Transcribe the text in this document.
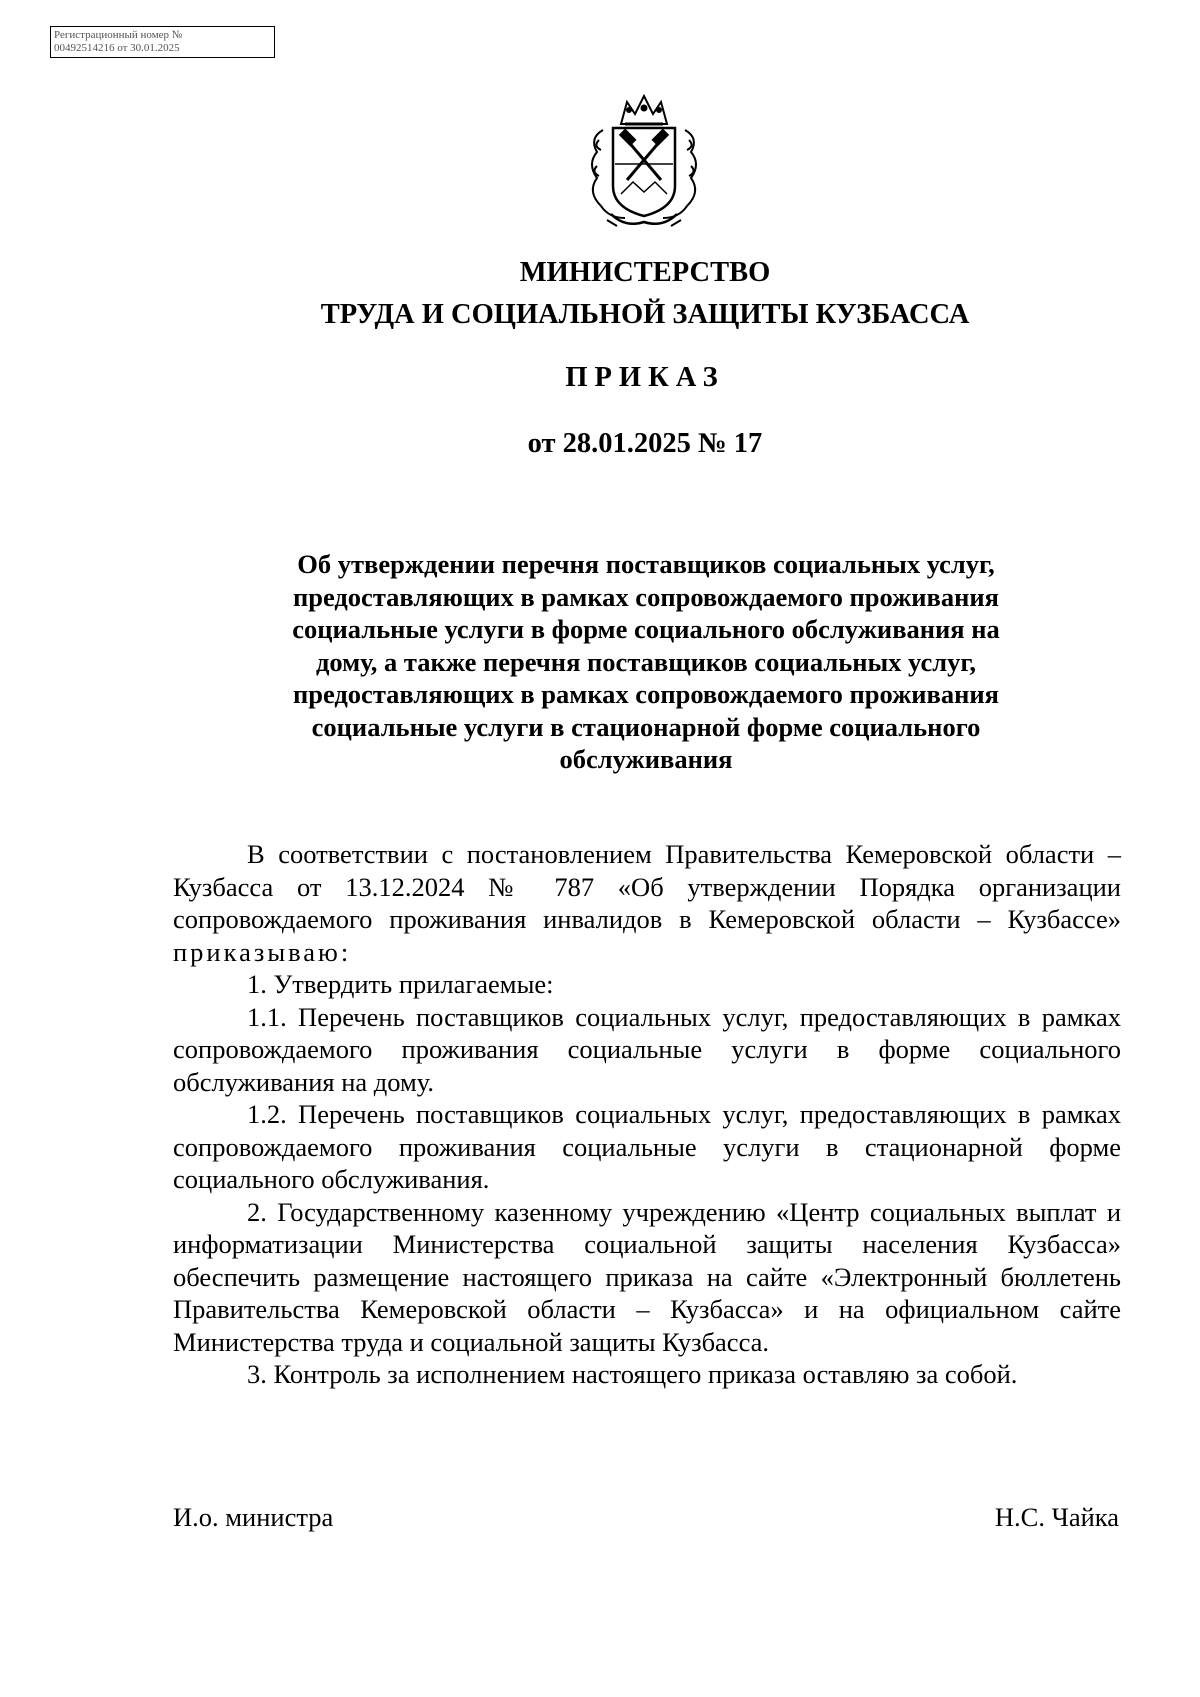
Регистрационный номер №
00492514216 от 30.01.2025
МИНИСТЕРСТВО
ТРУДА И СОЦИАЛЬНОЙ ЗАЩИТЫ КУЗБАССА
ПРИКАЗ
от 28.01.2025 № 17
Об утверждении перечня поставщиков социальных услуг, предоставляющих в рамках сопровождаемого проживания социальные услуги в форме социального обслуживания на дому, а также перечня поставщиков социальных услуг, предоставляющих в рамках сопровождаемого проживания социальные услуги в стационарной форме социального обслуживания

В соответствии с постановлением Правительства Кемеровской области – Кузбасса от 13.12.2024 № 787 «Об утверждении Порядка организации сопровождаемого проживания инвалидов в Кемеровской области – Кузбассе» приказываю:

1. Утвердить прилагаемые:

1.1. Перечень поставщиков социальных услуг, предоставляющих в рамках сопровождаемого проживания социальные услуги в форме социального обслуживания на дому.

1.2. Перечень поставщиков социальных услуг, предоставляющих в рамках сопровождаемого проживания социальные услуги в стационарной форме социального обслуживания.

2. Государственному казенному учреждению «Центр социальных выплат и информатизации Министерства социальной защиты населения Кузбасса» обеспечить размещение настоящего приказа на сайте «Электронный бюллетень Правительства Кемеровской области – Кузбасса» и на официальном сайте Министерства труда и социальной защиты Кузбасса.

3. Контроль за исполнением настоящего приказа оставляю за собой.

И.о. министра	Н.С. Чайка
